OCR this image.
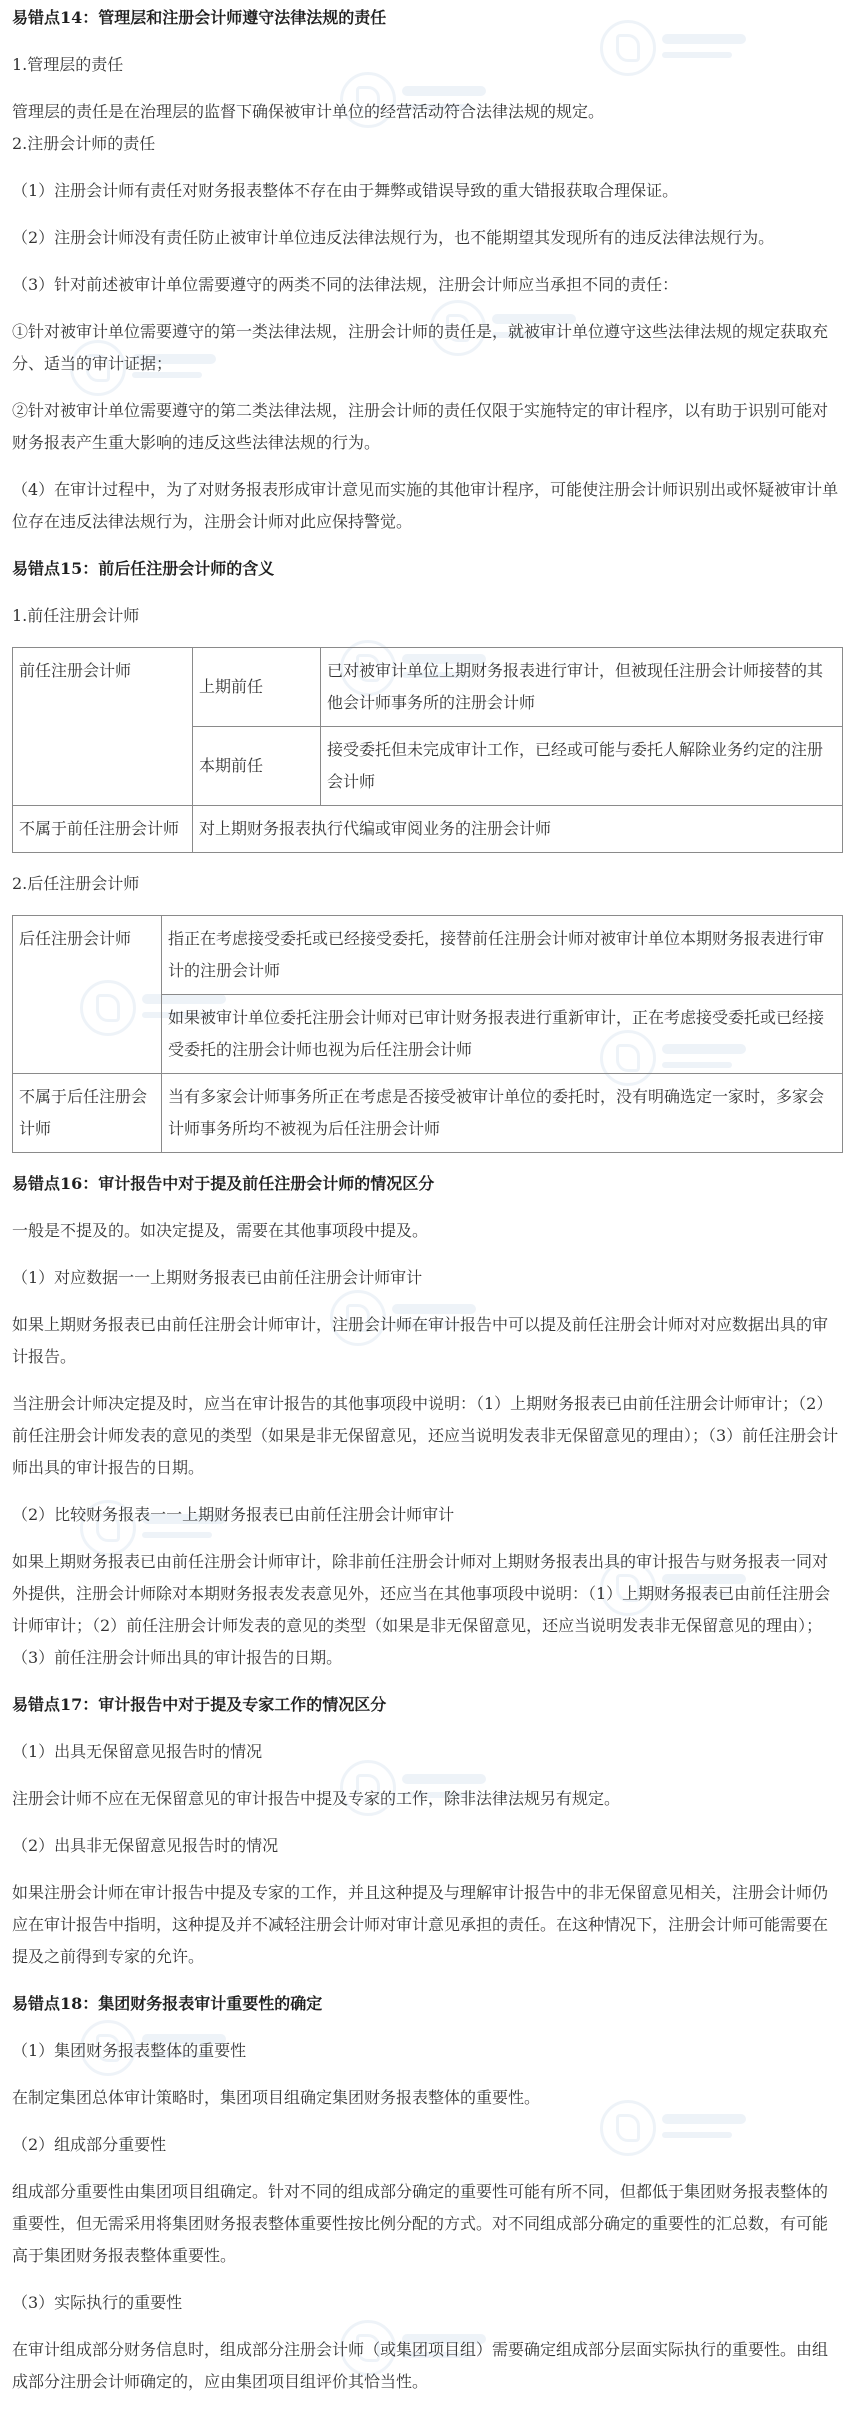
易错点14：管理层和注册会计师遵守法律法规的责任

1.管理层的责任

管理层的责任是在治理层的监督下确保被审计单位的经营活动符合法律法规的规定。

2.注册会计师的责任

（1）注册会计师有责任对财务报表整体不存在由于舞弊或错误导致的重大错报获取合理保证。

（2）注册会计师没有责任防止被审计单位违反法律法规行为，也不能期望其发现所有的违反法律法规行为。

（3）针对前述被审计单位需要遵守的两类不同的法律法规，注册会计师应当承担不同的责任：

①针对被审计单位需要遵守的第一类法律法规，注册会计师的责任是，就被审计单位遵守这些法律法规的规定获取充分、适当的审计证据；

②针对被审计单位需要遵守的第二类法律法规，注册会计师的责任仅限于实施特定的审计程序，以有助于识别可能对财务报表产生重大影响的违反这些法律法规的行为。

（4）在审计过程中，为了对财务报表形成审计意见而实施的其他审计程序，可能使注册会计师识别出或怀疑被审计单位存在违反法律法规行为，注册会计师对此应保持警觉。

易错点15：前后任注册会计师的含义

1.前任注册会计师

前任注册会计师	上期前任	已对被审计单位上期财务报表进行审计，但被现任注册会计师接替的其他会计师事务所的注册会计师
	本期前任	接受委托但未完成审计工作，已经或可能与委托人解除业务约定的注册会计师
不属于前任注册会计师	对上期财务报表执行代编或审阅业务的注册会计师	

2.后任注册会计师

后任注册会计师	指正在考虑接受委托或已经接受委托，接替前任注册会计师对被审计单位本期财务报表进行审计的注册会计师
	如果被审计单位委托注册会计师对已审计财务报表进行重新审计，正在考虑接受委托或已经接受委托的注册会计师也视为后任注册会计师
不属于后任注册会计师	当有多家会计师事务所正在考虑是否接受被审计单位的委托时，没有明确选定一家时，多家会计师事务所均不被视为后任注册会计师

易错点16：审计报告中对于提及前任注册会计师的情况区分

一般是不提及的。如决定提及，需要在其他事项段中提及。

（1）对应数据一一上期财务报表已由前任注册会计师审计

如果上期财务报表已由前任注册会计师审计，注册会计师在审计报告中可以提及前任注册会计师对对应数据出具的审计报告。

当注册会计师决定提及时，应当在审计报告的其他事项段中说明：（1）上期财务报表已由前任注册会计师审计；（2）前任注册会计师发表的意见的类型（如果是非无保留意见，还应当说明发表非无保留意见的理由）；（3）前任注册会计师出具的审计报告的日期。

（2）比较财务报表一一上期财务报表已由前任注册会计师审计

如果上期财务报表已由前任注册会计师审计，除非前任注册会计师对上期财务报表出具的审计报告与财务报表一同对外提供，注册会计师除对本期财务报表发表意见外，还应当在其他事项段中说明：（1）上期财务报表已由前任注册会计师审计；（2）前任注册会计师发表的意见的类型（如果是非无保留意见，还应当说明发表非无保留意见的理由）；（3）前任注册会计师出具的审计报告的日期。

易错点17：审计报告中对于提及专家工作的情况区分

（1）出具无保留意见报告时的情况

注册会计师不应在无保留意见的审计报告中提及专家的工作，除非法律法规另有规定。

（2）出具非无保留意见报告时的情况

如果注册会计师在审计报告中提及专家的工作，并且这种提及与理解审计报告中的非无保留意见相关，注册会计师仍应在审计报告中指明，这种提及并不减轻注册会计师对审计意见承担的责任。在这种情况下，注册会计师可能需要在提及之前得到专家的允许。

易错点18：集团财务报表审计重要性的确定

（1）集团财务报表整体的重要性

在制定集团总体审计策略时，集团项目组确定集团财务报表整体的重要性。

（2）组成部分重要性

组成部分重要性由集团项目组确定。针对不同的组成部分确定的重要性可能有所不同，但都低于集团财务报表整体的重要性，但无需采用将集团财务报表整体重要性按比例分配的方式。对不同组成部分确定的重要性的汇总数，有可能高于集团财务报表整体重要性。

（3）实际执行的重要性

在审计组成部分财务信息时，组成部分注册会计师（或集团项目组）需要确定组成部分层面实际执行的重要性。由组成部分注册会计师确定的，应由集团项目组评价其恰当性。
